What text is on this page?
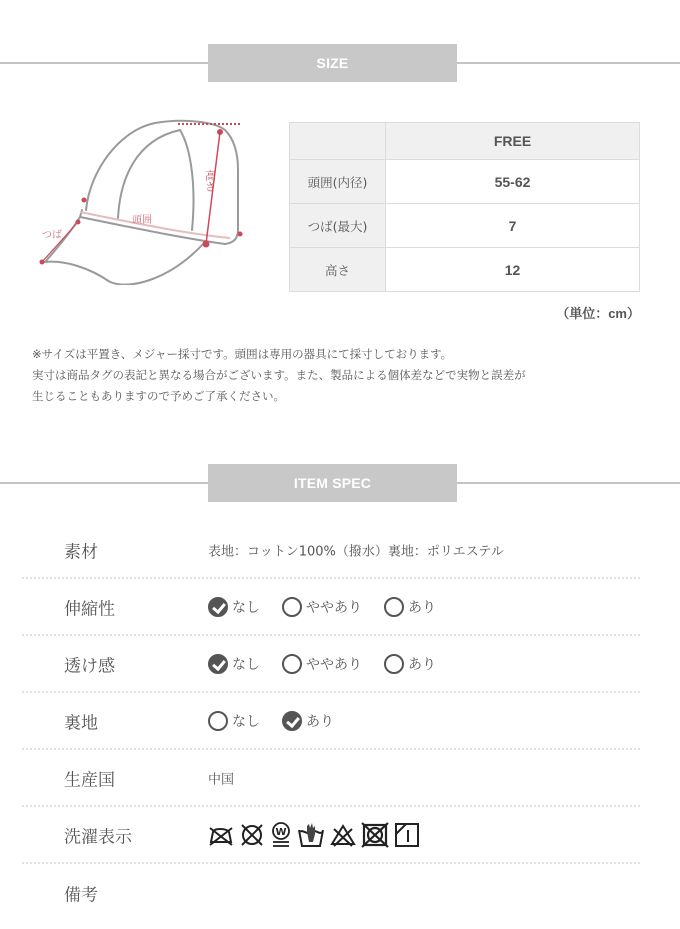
SIZE
高さ
頭囲
つば
	FREE
頭囲(内径)	55-62
つば(最大)	7
高さ	12
（単位：cm）
※サイズは平置き、メジャー採寸です。頭囲は専用の器具にて採寸しております。
実寸は商品タグの表記と異なる場合がございます。また、製品による個体差などで実物と誤差が
生じることもありますので予めご了承ください。
ITEM SPEC
素材	表地：コットン100%（撥水）裏地：ポリエステル
伸縮性	なし	ややあり	あり
透け感	なし	ややあり	あり
裏地	なし	あり
生産国	中国
洗濯表示	W
備考
